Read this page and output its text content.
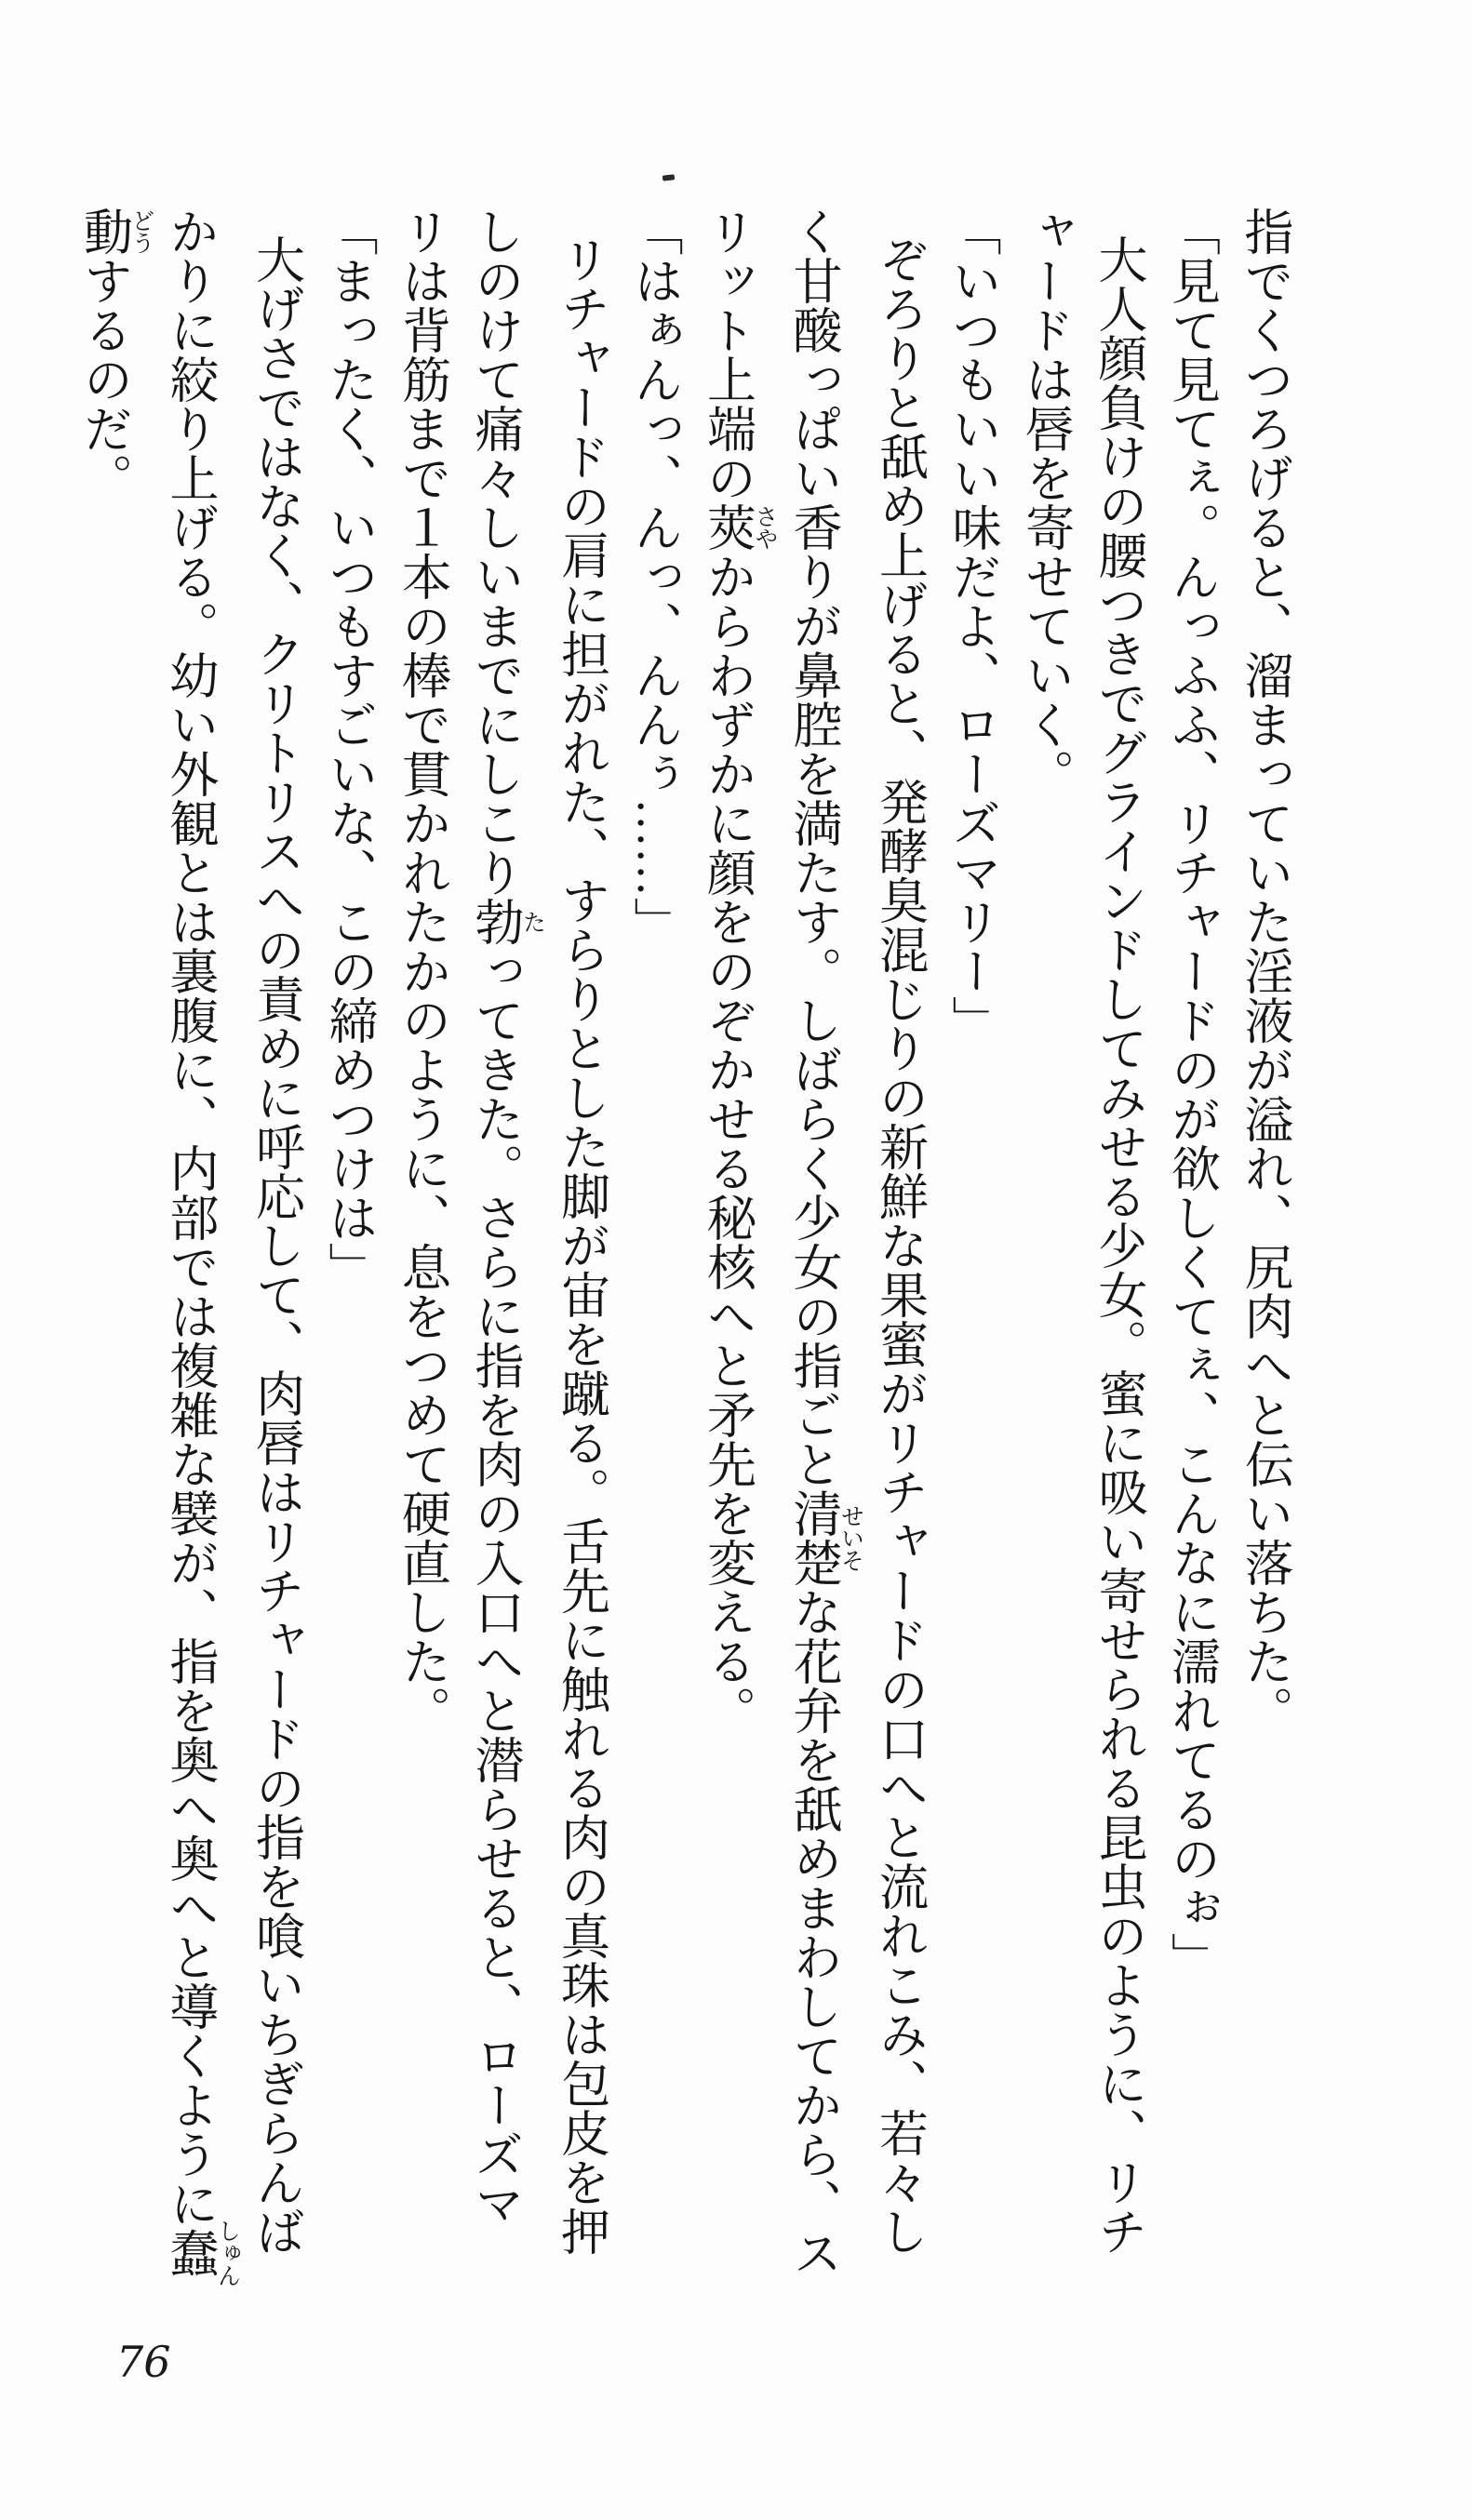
指でくつろげると、溜まっていた淫液が溢れ、尻肉へと伝い落ちた。

「見て見てぇ。んっふふ、リチャードのが欲しくてぇ、こんなに濡れてるのぉ」

大人顔負けの腰つきでグラインドしてみせる少女。蜜に吸い寄せられる昆虫のように、リチ

ャードは唇を寄せていく。

「いつもいい味だよ、ローズマリー」

ぞろりと舐め上げると、発酵臭混じりの新鮮な果蜜がリチャードの口へと流れこみ、若々し

く甘酸っぱい香りが鼻腔を満たす。しばらく少女の指ごと清楚せいそな花弁を舐めまわしてから、ス

リット上端の莢さやからわずかに顔をのぞかせる秘核へと矛先を変える。

「はぁんっ、んっ、んんぅ……」

リチャードの肩に担がれた、すらりとした脚が宙を蹴る。舌先に触れる肉の真珠は包皮を押

しのけて痛々しいまでにしこり勃たってきた。さらに指を肉の入口へと潜らせると、ローズマ

リは背筋まで１本の棒で貫かれたかのように、息をつめて硬直した。

「まったく、いつもすごいな、この締めつけは」

大げさではなく、クリトリスへの責めに呼応して、肉唇はリチャードの指を喰いちぎらんば

かりに絞り上げる。幼い外観とは裏腹に、内部では複雑な襞が、指を奥へ奥へと導くように蠢しゅん

動どうするのだ。

76
